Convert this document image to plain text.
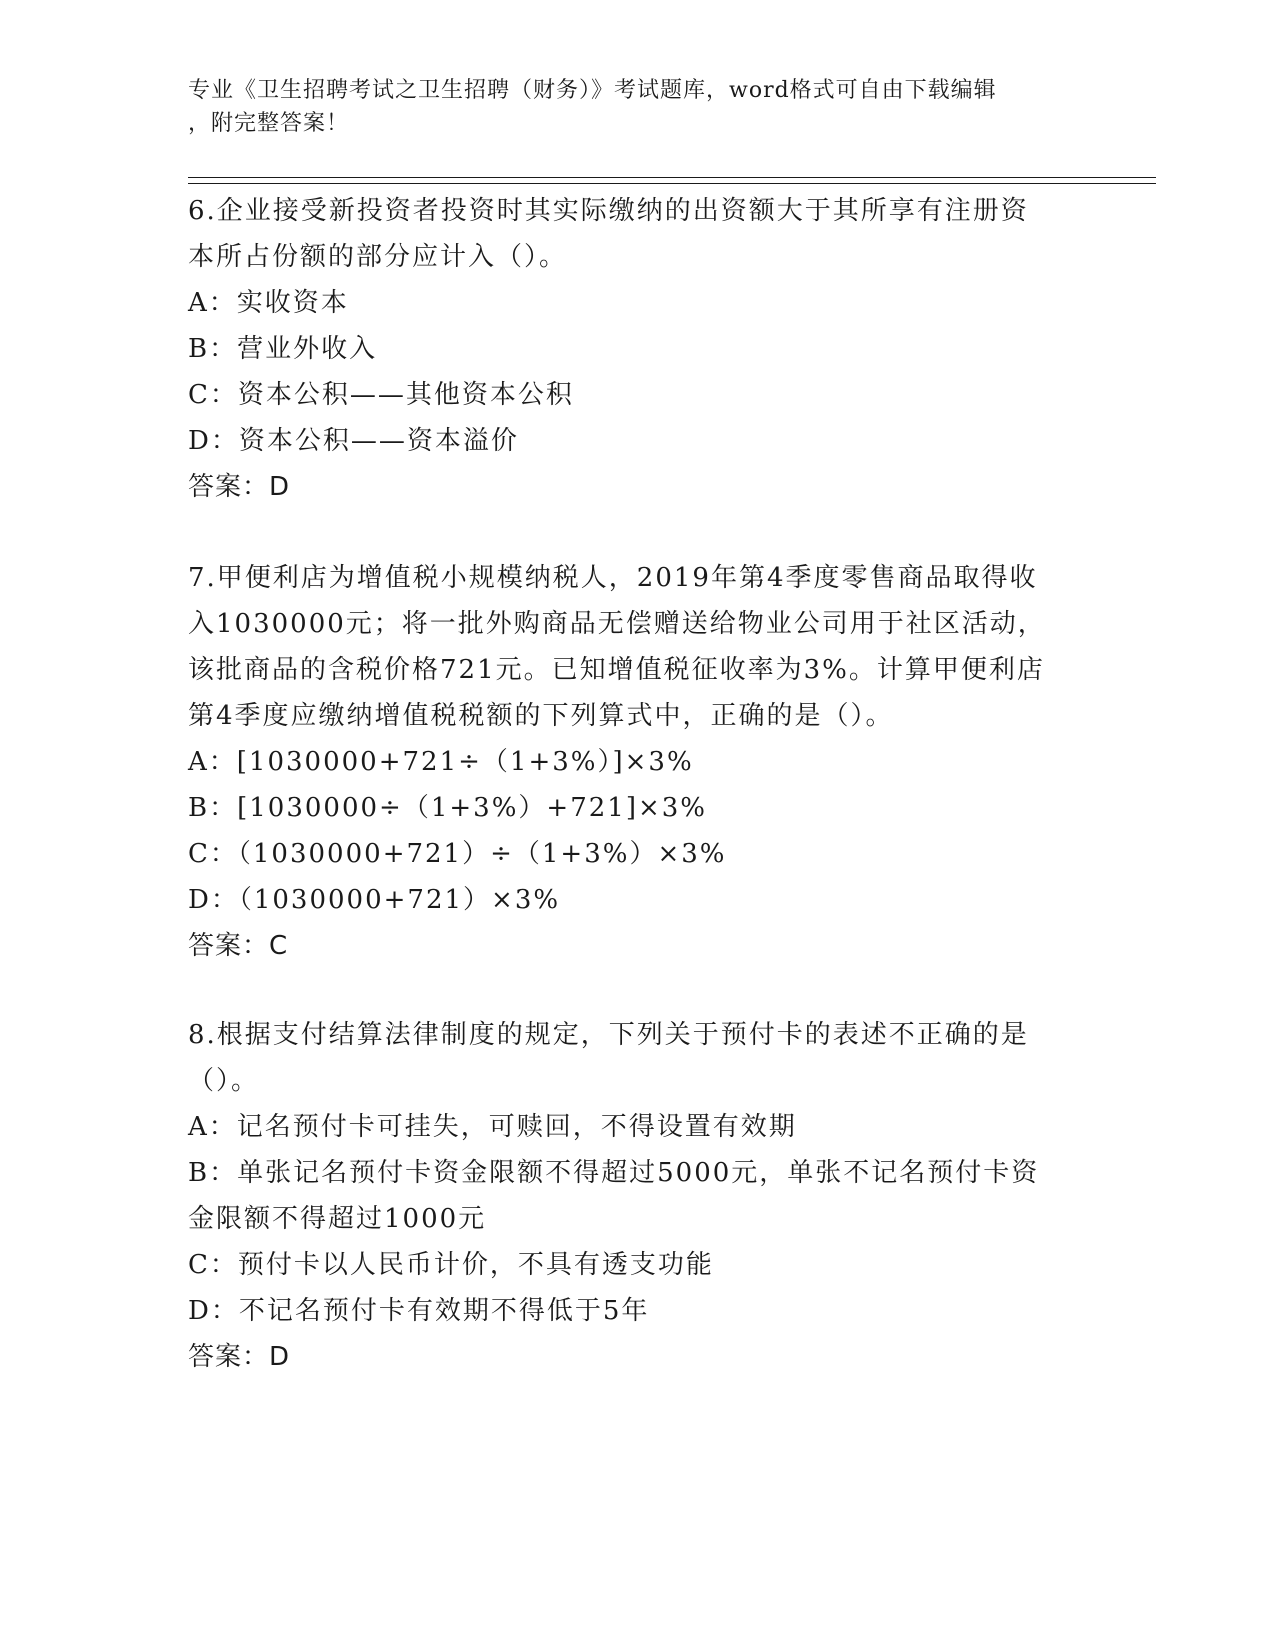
专业《卫生招聘考试之卫生招聘（财务）》考试题库，word格式可自由下载编辑
，附完整答案！
6.企业接受新投资者投资时其实际缴纳的出资额大于其所享有注册资
本所占份额的部分应计入（）。
A：实收资本
B：营业外收入
C：资本公积——其他资本公积
D：资本公积——资本溢价
答案：D
7.甲便利店为增值税小规模纳税人，2019年第4季度零售商品取得收
入1030000元；将一批外购商品无偿赠送给物业公司用于社区活动，
该批商品的含税价格721元。已知增值税征收率为3%。计算甲便利店
第4季度应缴纳增值税税额的下列算式中，正确的是（）。
A：[1030000+721÷（1+3%）]×3%
B：[1030000÷（1+3%）+721]×3%
C：（1030000+721）÷（1+3%）×3%
D：（1030000+721）×3%
答案：C
8.根据支付结算法律制度的规定，下列关于预付卡的表述不正确的是
（）。
A：记名预付卡可挂失，可赎回，不得设置有效期
B：单张记名预付卡资金限额不得超过5000元，单张不记名预付卡资
金限额不得超过1000元
C：预付卡以人民币计价，不具有透支功能
D：不记名预付卡有效期不得低于5年
答案：D
